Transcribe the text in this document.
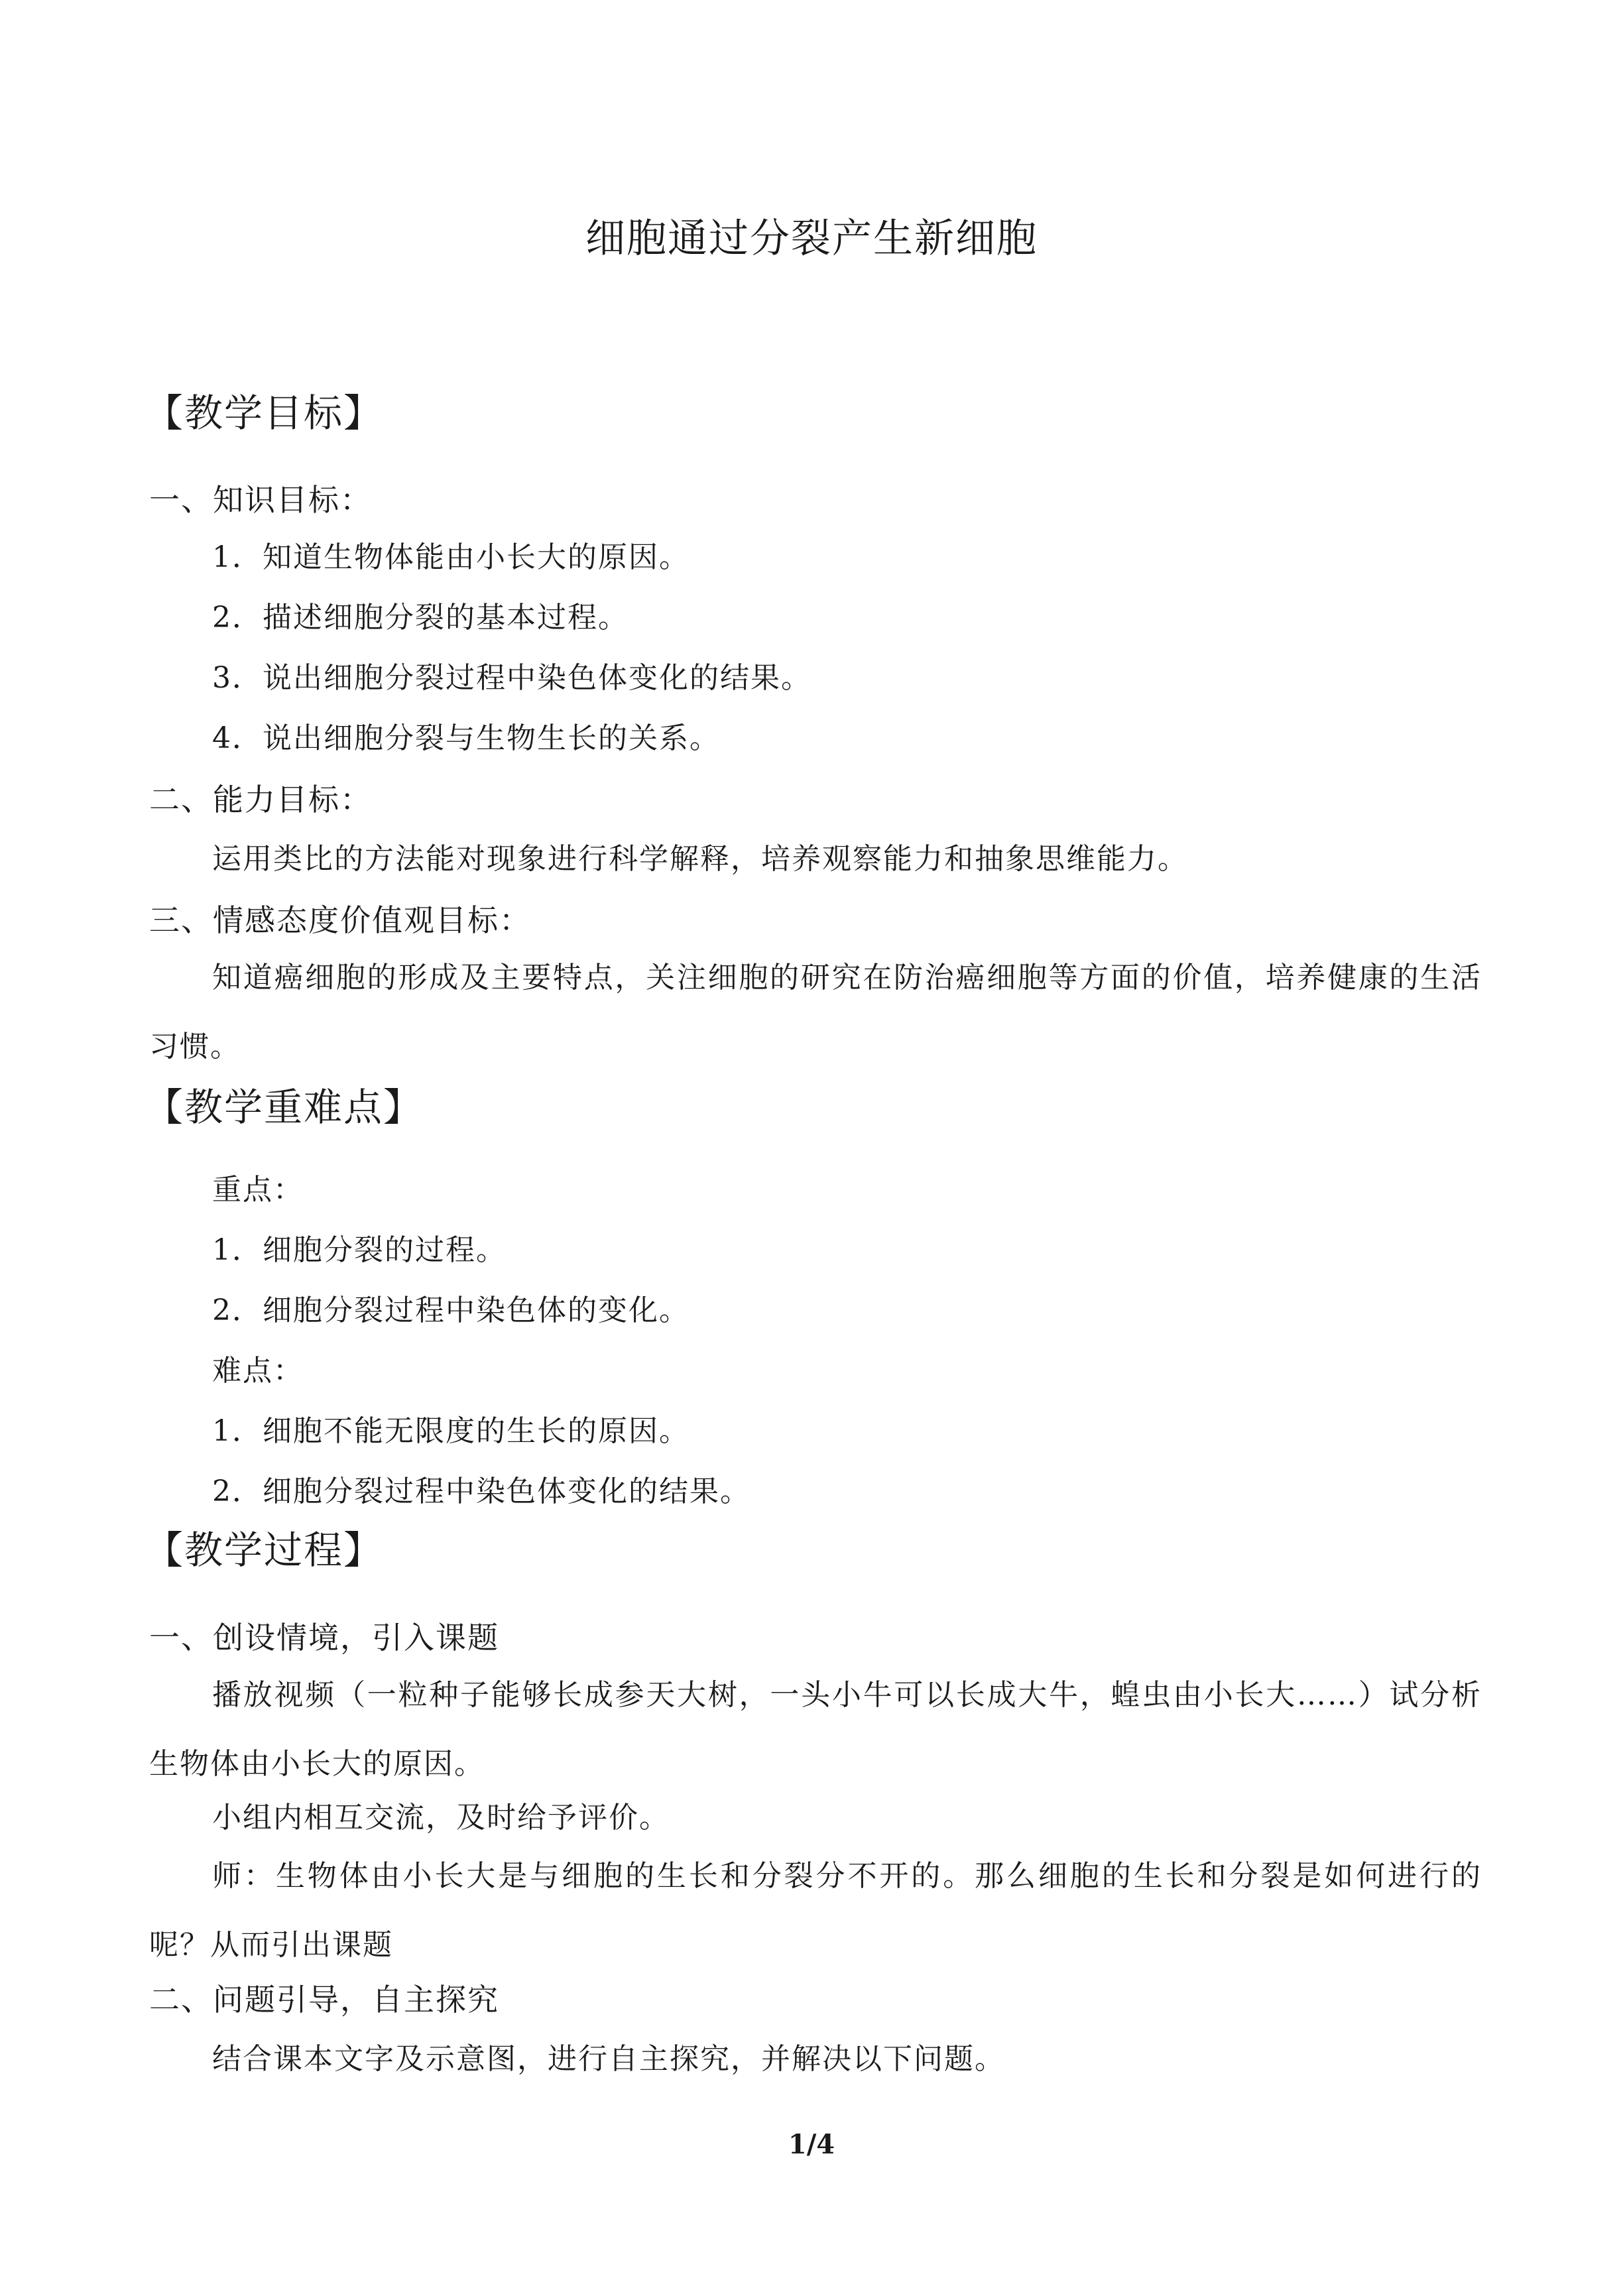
细胞通过分裂产生新细胞
【教学目标】
一、知识目标：
1．知道生物体能由小长大的原因。
2．描述细胞分裂的基本过程。
3．说出细胞分裂过程中染色体变化的结果。
4．说出细胞分裂与生物生长的关系。
二、能力目标：
运用类比的方法能对现象进行科学解释，培养观察能力和抽象思维能力。
三、情感态度价值观目标：
知道癌细胞的形成及主要特点，关注细胞的研究在防治癌细胞等方面的价值，培养健康的生活习惯。
【教学重难点】
重点：
1．细胞分裂的过程。
2．细胞分裂过程中染色体的变化。
难点：
1．细胞不能无限度的生长的原因。
2．细胞分裂过程中染色体变化的结果。
【教学过程】
一、创设情境，引入课题
播放视频（一粒种子能够长成参天大树，一头小牛可以长成大牛，蝗虫由小长大……）试分析生物体由小长大的原因。
小组内相互交流，及时给予评价。
师：生物体由小长大是与细胞的生长和分裂分不开的。那么细胞的生长和分裂是如何进行的呢？从而引出课题
二、问题引导，自主探究
结合课本文字及示意图，进行自主探究，并解决以下问题。
1/4
